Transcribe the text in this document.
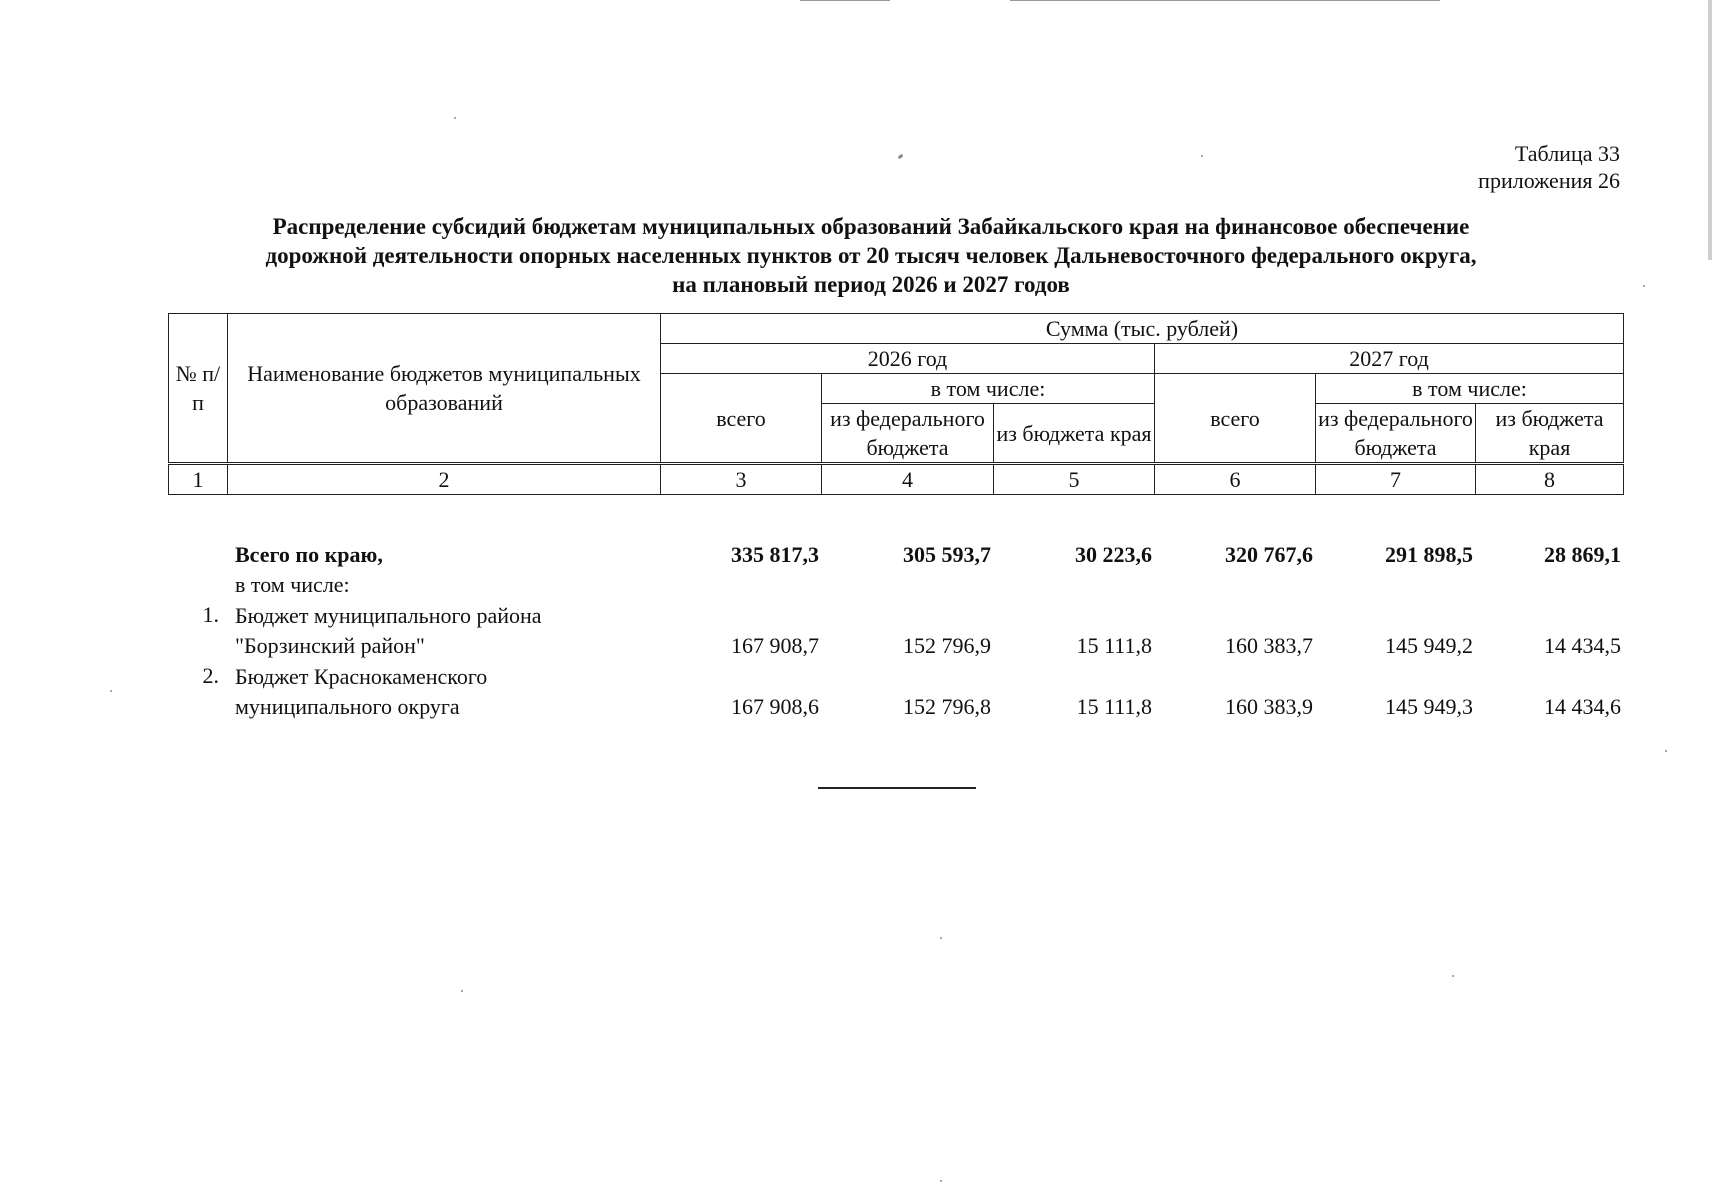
Таблица 33
приложения 26
Распределение субсидий бюджетам муниципальных образований Забайкальского края на финансовое обеспечение
дорожной деятельности опорных населенных пунктов от 20 тысяч человек Дальневосточного федерального округа,
на плановый период 2026 и 2027 годов
№ п/п	Наименование бюджетов муниципальных образований	Сумма (тыс. рублей)					
		2026 год			2027 год		
		всего	в том числе:		всего	в том числе:	
			из федерального бюджета	из бюджета края		из федерального бюджета	из бюджета края
1	2	3	4	5	6	7	8
	Всего по краю,	335 817,3	305 593,7	30 223,6	320 767,6	291 898,5	28 869,1
	в том числе:						
1.	Бюджет муниципального района
"Борзинский район"	167 908,7	152 796,9	15 111,8	160 383,7	145 949,2	14 434,5
2.	Бюджет Краснокаменского
муниципального округа	167 908,6	152 796,8	15 111,8	160 383,9	145 949,3	14 434,6
